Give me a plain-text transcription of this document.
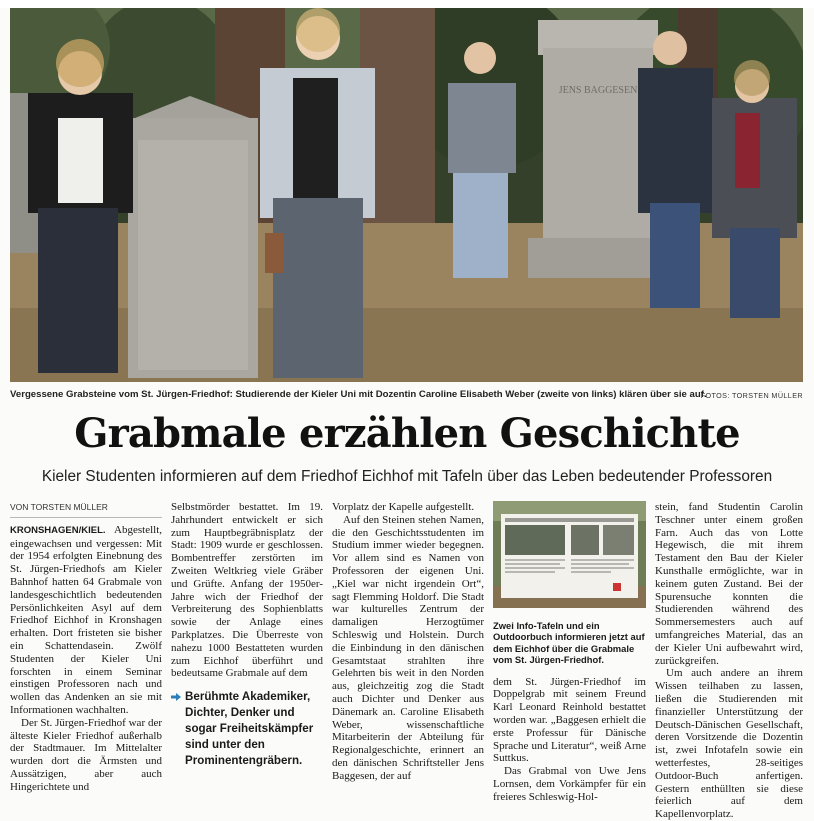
JENS BAGGESEN
Vergessene Grabsteine vom St. Jürgen-Friedhof: Studierende der Kieler Uni mit Dozentin Caroline Elisabeth Weber (zweite von links) klären über sie auf.
FOTOS: TORSTEN MÜLLER
Grabmale erzählen Geschichte
Kieler Studenten informieren auf dem Friedhof Eichhof mit Tafeln über das Leben bedeutender Professoren
VON TORSTEN MÜLLER

KRONSHAGEN/KIEL. Abgestellt, eingewachsen und vergessen: Mit der 1954 erfolgten Einebnung des St. Jürgen-Friedhofs am Kieler Bahnhof hatten 64 Grabmale von landesgeschichtlich bedeutenden Persönlichkeiten Asyl auf dem Friedhof Eichhof in Kronshagen erhalten. Dort fristeten sie bisher ein Schattendasein. Zwölf Studenten der Kieler Uni forschten in einem Seminar einstigen Professoren nach und wollen das Andenken an sie mit Informationen wachhalten.

Der St. Jürgen-Friedhof war der älteste Kieler Friedhof außerhalb der Stadtmauer. Im Mittelalter wurden dort die Ärmsten und Aussätzigen, aber auch Hingerichtete und

Selbstmörder bestattet. Im 19. Jahrhundert entwickelt er sich zum Hauptbegräbnisplatz der Stadt: 1909 wurde er geschlossen. Bombentreffer zerstörten im Zweiten Weltkrieg viele Gräber und Grüfte. Anfang der 1950er-Jahre wich der Friedhof der Verbreiterung des Sophienblatts sowie der Anlage eines Parkplatzes. Die Überreste von nahezu 1000 Bestatteten wurden zum Eichhof überführt und bedeutsame Grabmale auf dem

Berühmte Akademiker, Dichter, Denker und sogar Freiheitskämpfer sind unter den Prominentengräbern.

Vorplatz der Kapelle aufgestellt.

Auf den Steinen stehen Namen, die den Geschichtsstudenten im Studium immer wieder begegnen. Vor allem sind es Namen von Professoren der eigenen Uni. „Kiel war nicht irgendein Ort“, sagt Flemming Holdorf. Die Stadt war kulturelles Zentrum der damaligen Herzogtümer Schleswig und Holstein. Durch die Einbindung in den dänischen Gesamtstaat strahlten ihre Gelehrten bis weit in den Norden aus, gleichzeitig zog die Stadt auch Dichter und Denker aus Dänemark an. Caroline Elisabeth Weber, wissenschaftliche Mitarbeiterin der Abteilung für Regionalgeschichte, erinnert an den dänischen Schriftsteller Jens Baggesen, der auf

Zwei Info-Tafeln und ein Outdoorbuch informieren jetzt auf dem Eichhof über die Grabmale vom St. Jürgen-Friedhof.

dem St. Jürgen-Friedhof im Doppelgrab mit seinem Freund Karl Leonard Reinhold bestattet worden war. „Baggesen erhielt die erste Professur für Dänische Sprache und Literatur“, weiß Arne Suttkus.

Das Grabmal von Uwe Jens Lornsen, dem Vorkämpfer für ein freieres Schleswig-Hol-

stein, fand Studentin Carolin Teschner unter einem großen Farn. Auch das von Lotte Hegewisch, die mit ihrem Testament den Bau der Kieler Kunsthalle ermöglichte, war in keinem guten Zustand. Bei der Spurensuche konnten die Studierenden während des Sommersemesters auch auf umfangreiches Material, das an der Kieler Uni aufbewahrt wird, zurückgreifen.

Um auch andere an ihrem Wissen teilhaben zu lassen, ließen die Studierenden mit finanzieller Unterstützung der Deutsch-Dänischen Gesellschaft, deren Vorsitzende die Dozentin ist, zwei Infotafeln sowie ein wetterfestes, 28-seitiges Outdoor-Buch anfertigen. Gestern enthüllten sie diese feierlich auf dem Kapellenvorplatz.
